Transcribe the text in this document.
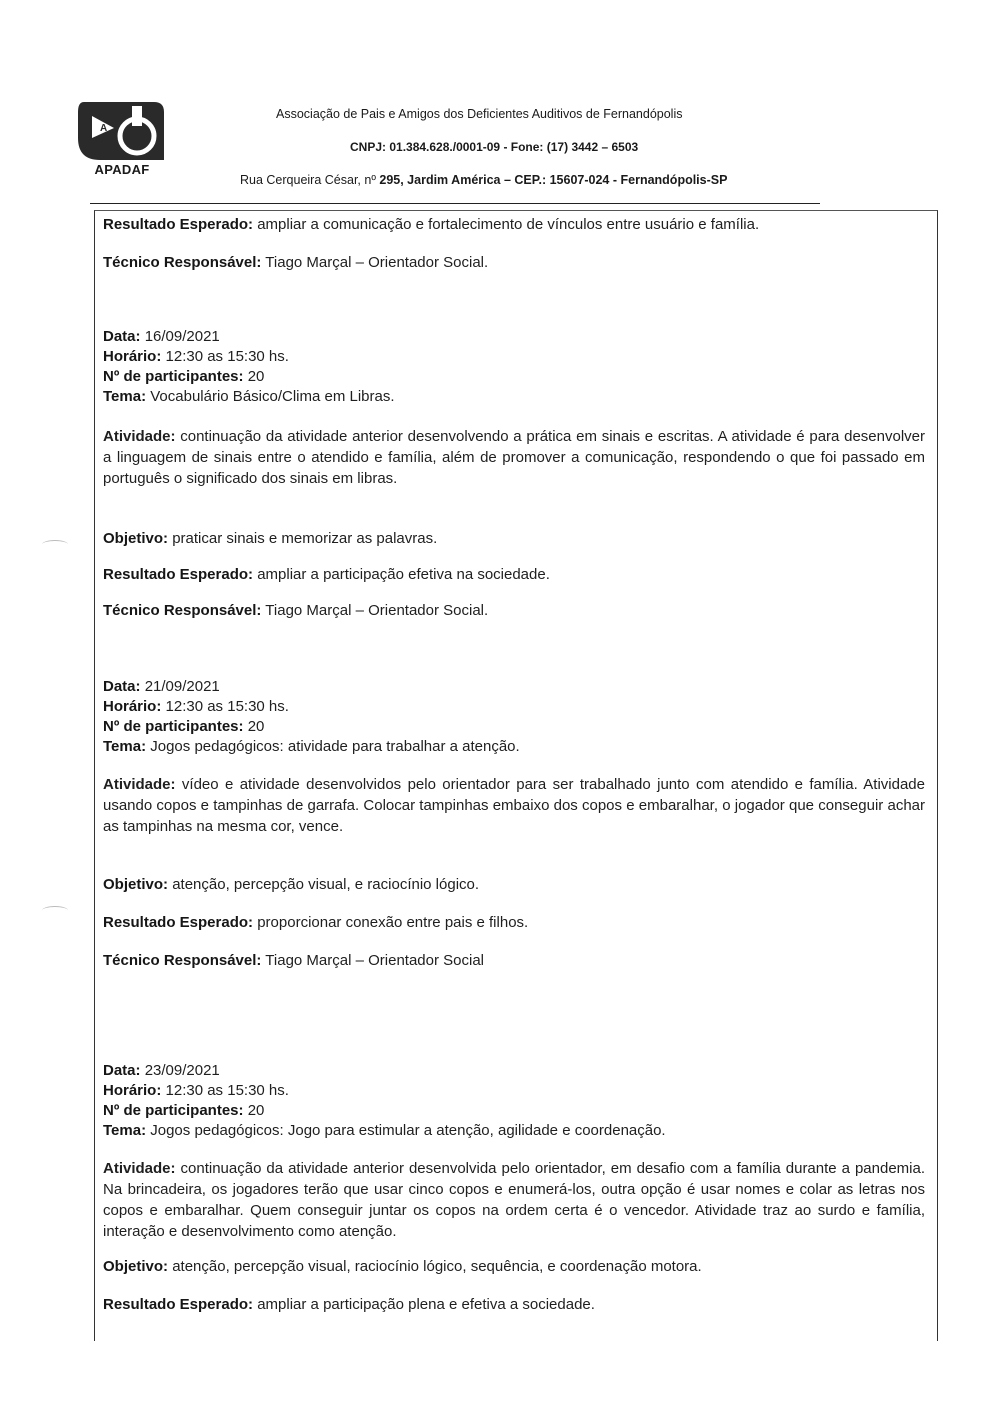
A
APADAF
Associação de Pais e Amigos dos Deficientes Auditivos de Fernandópolis
CNPJ: 01.384.628./0001-09 - Fone: (17) 3442 – 6503
Rua Cerqueira César, nº 295, Jardim América – CEP.: 15607-024 - Fernandópolis-SP
Resultado Esperado: ampliar a comunicação e fortalecimento de vínculos entre usuário e família.
Técnico Responsável: Tiago Marçal – Orientador Social.
Data: 16/09/2021
Horário: 12:30 as 15:30 hs.
Nº de participantes: 20
Tema: Vocabulário Básico/Clima em Libras.
Atividade: continuação da atividade anterior desenvolvendo a prática em sinais e escritas. A atividade é para desenvolver a linguagem de sinais entre o atendido e família, além de promover a comunicação, respondendo o que foi passado em português o significado dos sinais em libras.
Objetivo: praticar sinais e memorizar as palavras.
Resultado Esperado: ampliar a participação efetiva na sociedade.
Técnico Responsável: Tiago Marçal – Orientador Social.
Data: 21/09/2021
Horário: 12:30 as 15:30 hs.
Nº de participantes: 20
Tema: Jogos pedagógicos: atividade para trabalhar a atenção.
Atividade: vídeo e atividade desenvolvidos pelo orientador para ser trabalhado junto com atendido e família. Atividade usando copos e tampinhas de garrafa. Colocar tampinhas embaixo dos copos e embaralhar, o jogador que conseguir achar as tampinhas na mesma cor, vence.
Objetivo: atenção, percepção visual, e raciocínio lógico.
Resultado Esperado: proporcionar conexão entre pais e filhos.
Técnico Responsável: Tiago Marçal – Orientador Social
Data: 23/09/2021
Horário: 12:30 as 15:30 hs.
Nº de participantes: 20
Tema: Jogos pedagógicos: Jogo para estimular a atenção, agilidade e coordenação.
Atividade: continuação da atividade anterior desenvolvida pelo orientador, em desafio com a família durante a pandemia. Na brincadeira, os jogadores terão que usar cinco copos e enumerá-los, outra opção é usar nomes e colar as letras nos copos e embaralhar. Quem conseguir juntar os copos na ordem certa é o vencedor. Atividade traz ao surdo e família, interação e desenvolvimento como atenção.
Objetivo: atenção, percepção visual, raciocínio lógico, sequência, e coordenação motora.
Resultado Esperado: ampliar a participação plena e efetiva a sociedade.
